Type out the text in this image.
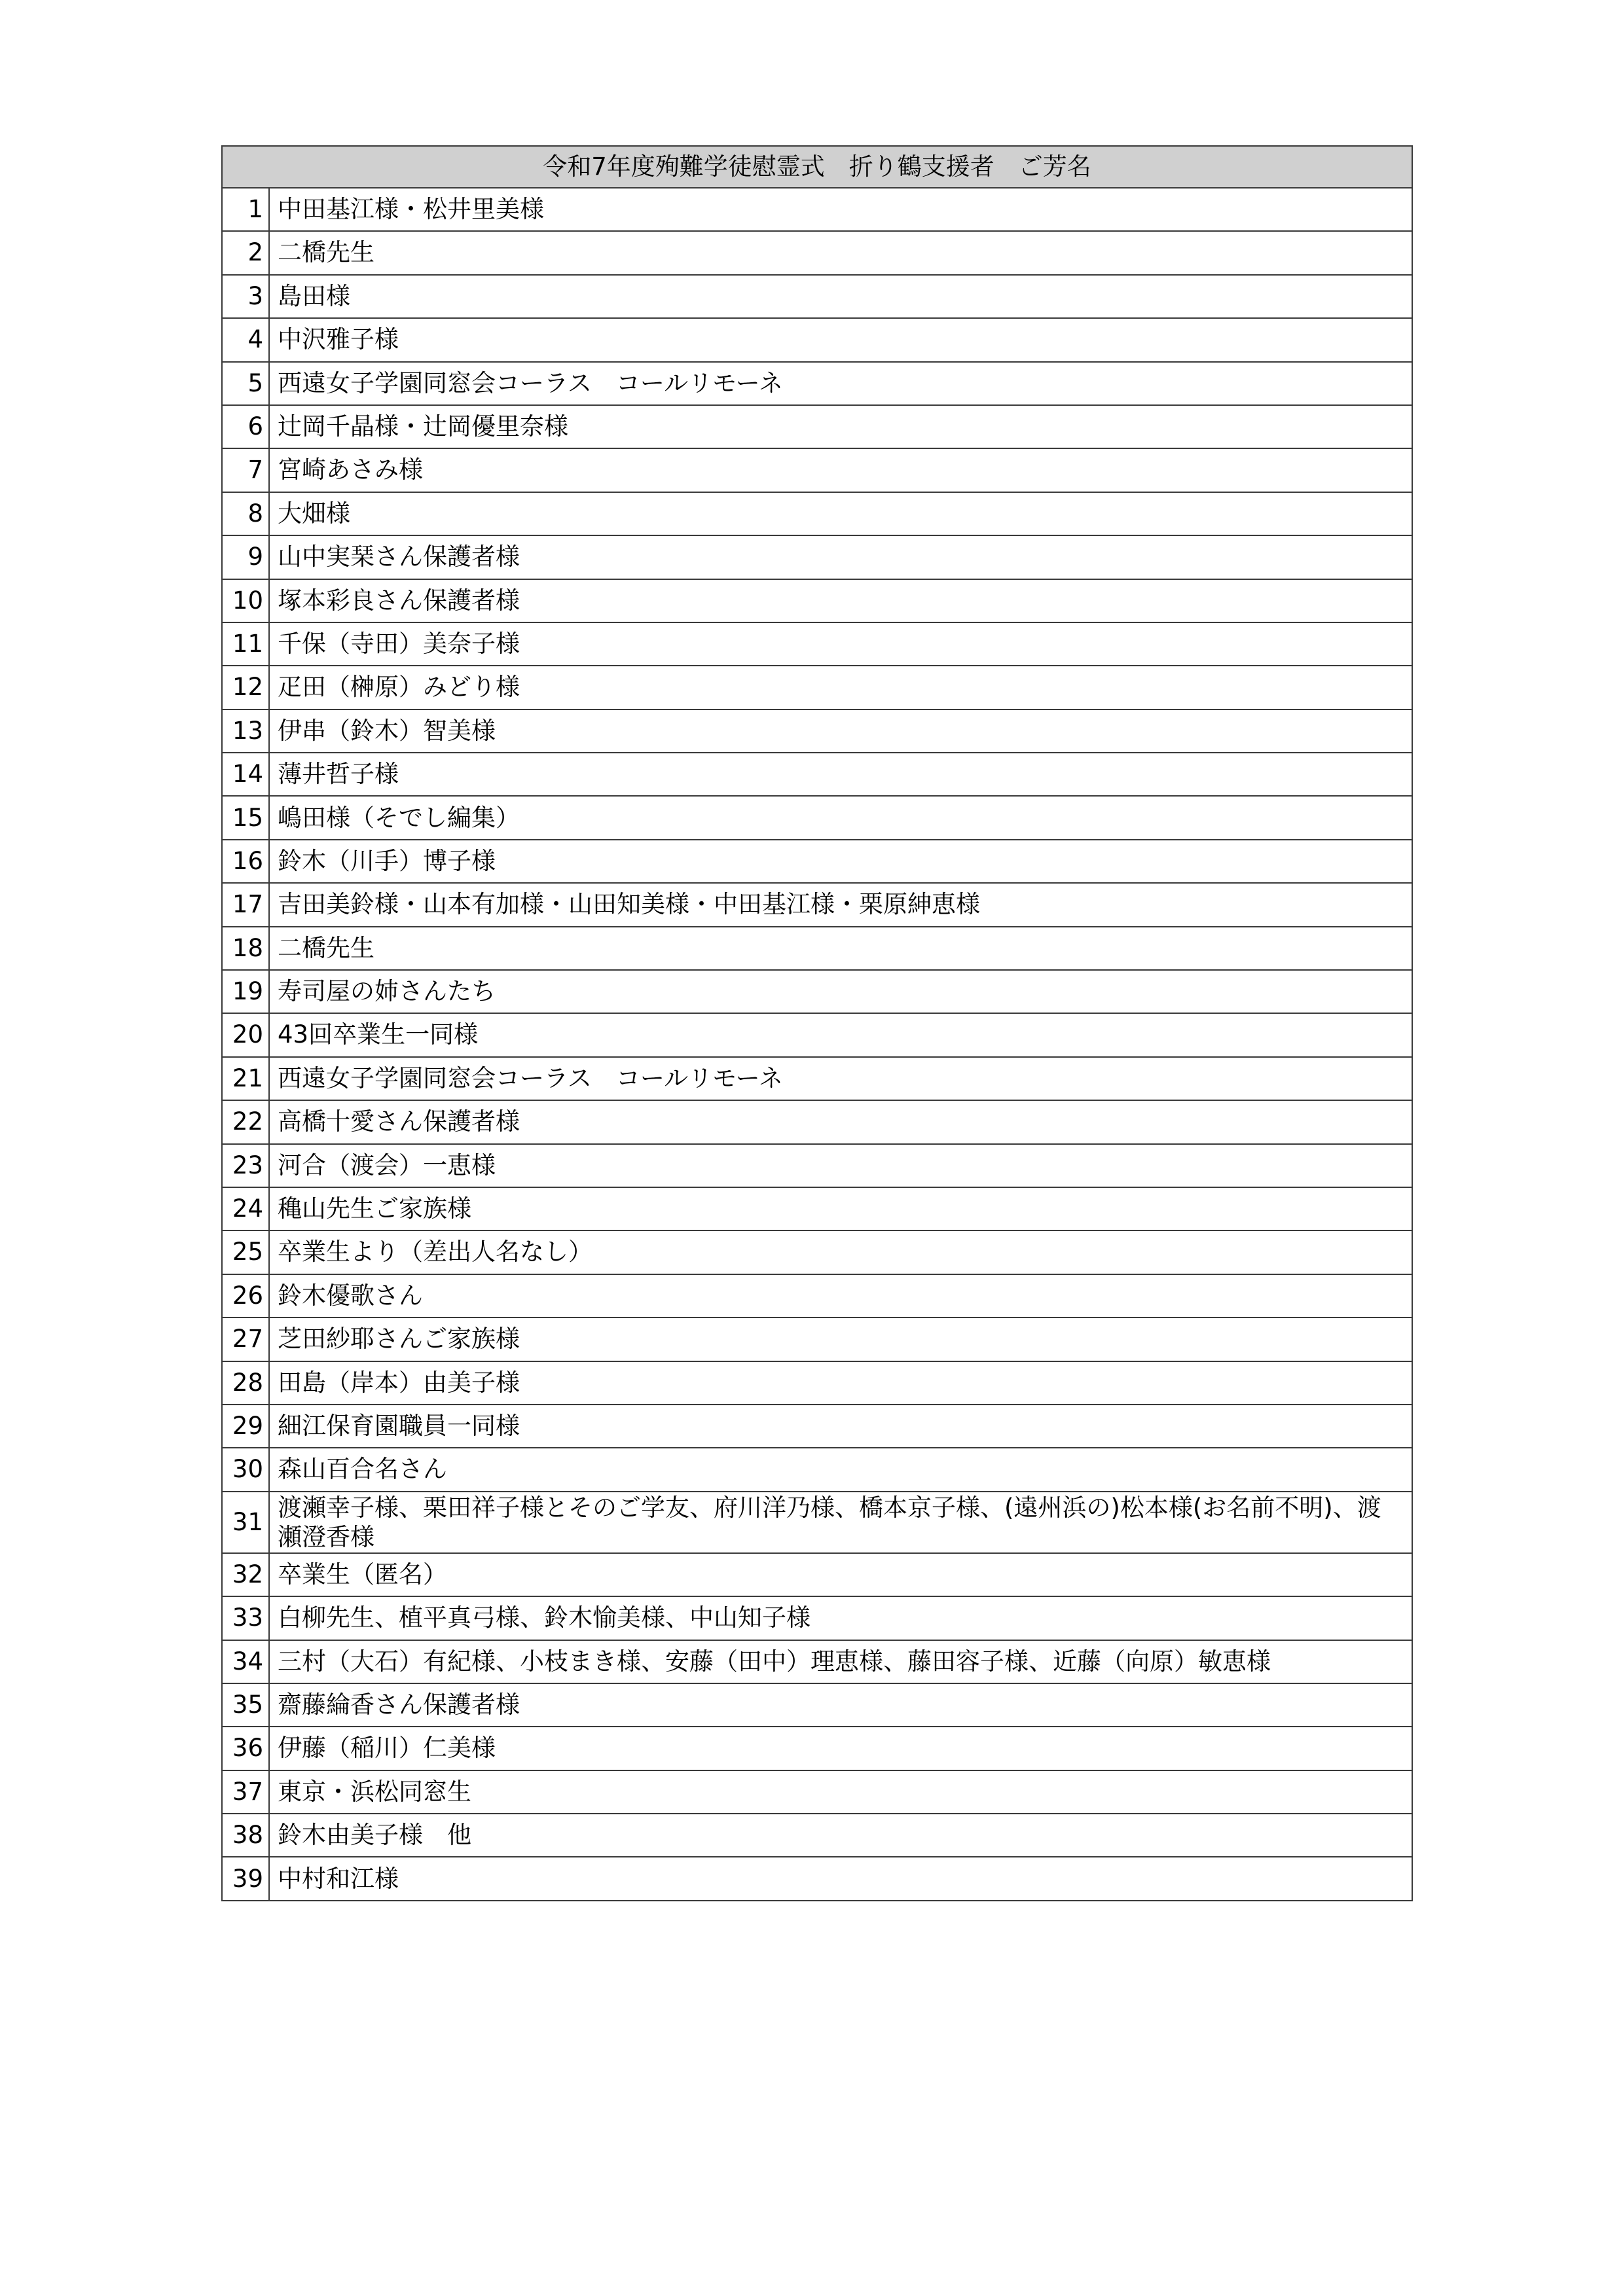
令和7年度殉難学徒慰霊式　折り鶴支援者　ご芳名	
1	中田基江様・松井里美様
2	二橋先生
3	島田様
4	中沢雅子様
5	西遠女子学園同窓会コーラス　コールリモーネ
6	辻岡千晶様・辻岡優里奈様
7	宮崎あさみ様
8	大畑様
9	山中実琹さん保護者様
10	塚本彩良さん保護者様
11	千保（寺田）美奈子様
12	疋田（榊原）みどり様
13	伊串（鈴木）智美様
14	薄井哲子様
15	嶋田様（そでし編集）
16	鈴木（川手）博子様
17	吉田美鈴様・山本有加様・山田知美様・中田基江様・栗原紳恵様
18	二橋先生
19	寿司屋の姉さんたち
20	43回卒業生一同様
21	西遠女子学園同窓会コーラス　コールリモーネ
22	高橋十愛さん保護者様
23	河合（渡会）一恵様
24	穐山先生ご家族様
25	卒業生より（差出人名なし）
26	鈴木優歌さん
27	芝田紗耶さんご家族様
28	田島（岸本）由美子様
29	細江保育園職員一同様
30	森山百合名さん
31	渡瀬幸子様、栗田祥子様とそのご学友、府川洋乃様、橋本京子様、(遠州浜の)松本様(お名前不明)、渡瀬澄香様
32	卒業生（匿名）
33	白柳先生、植平真弓様、鈴木愉美様、中山知子様
34	三村（大石）有紀様、小枝まき様、安藤（田中）理恵様、藤田容子様、近藤（向原）敏恵様
35	齋藤綸香さん保護者様
36	伊藤（稲川）仁美様
37	東京・浜松同窓生
38	鈴木由美子様　他
39	中村和江様
